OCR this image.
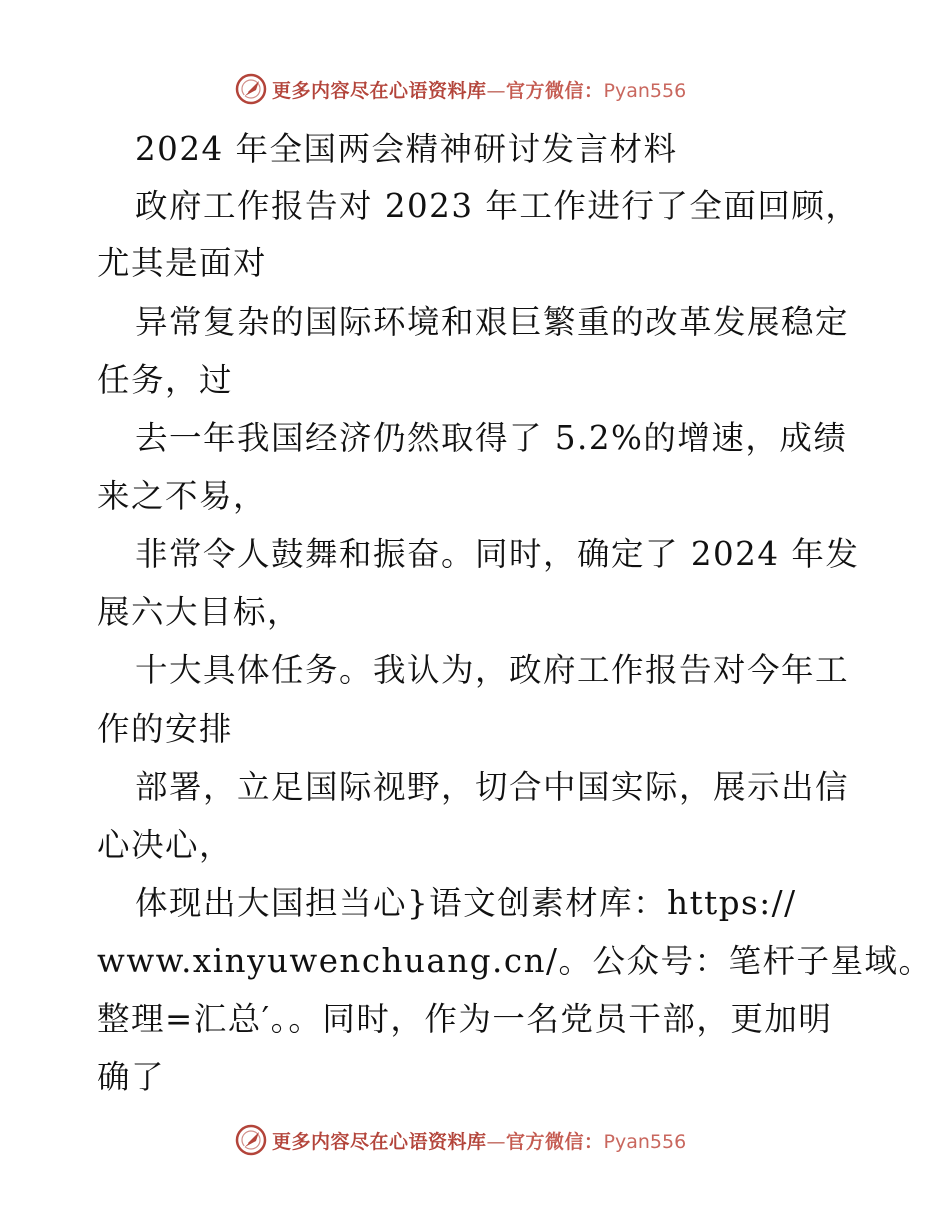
更多内容尽在心语资料库—官方微信：Pyan556
2024 年全国两会精神研讨发言材料
政府工作报告对 2023 年工作进行了全面回顾，
尤其是面对
异常复杂的国际环境和艰巨繁重的改革发展稳定
任务，过
去一年我国经济仍然取得了 5.2%的增速，成绩
来之不易，
非常令人鼓舞和振奋。同时，确定了 2024 年发
展六大目标，
十大具体任务。我认为，政府工作报告对今年工
作的安排
部署，立足国际视野，切合中国实际，展示出信
心决心，
体现出大国担当心}语文创素材库：https://
www.xinyuwenchuang.cn/。公众号：笔杆子星域。
整理=汇总′。。同时，作为一名党员干部，更加明
确了
更多内容尽在心语资料库—官方微信：Pyan556
